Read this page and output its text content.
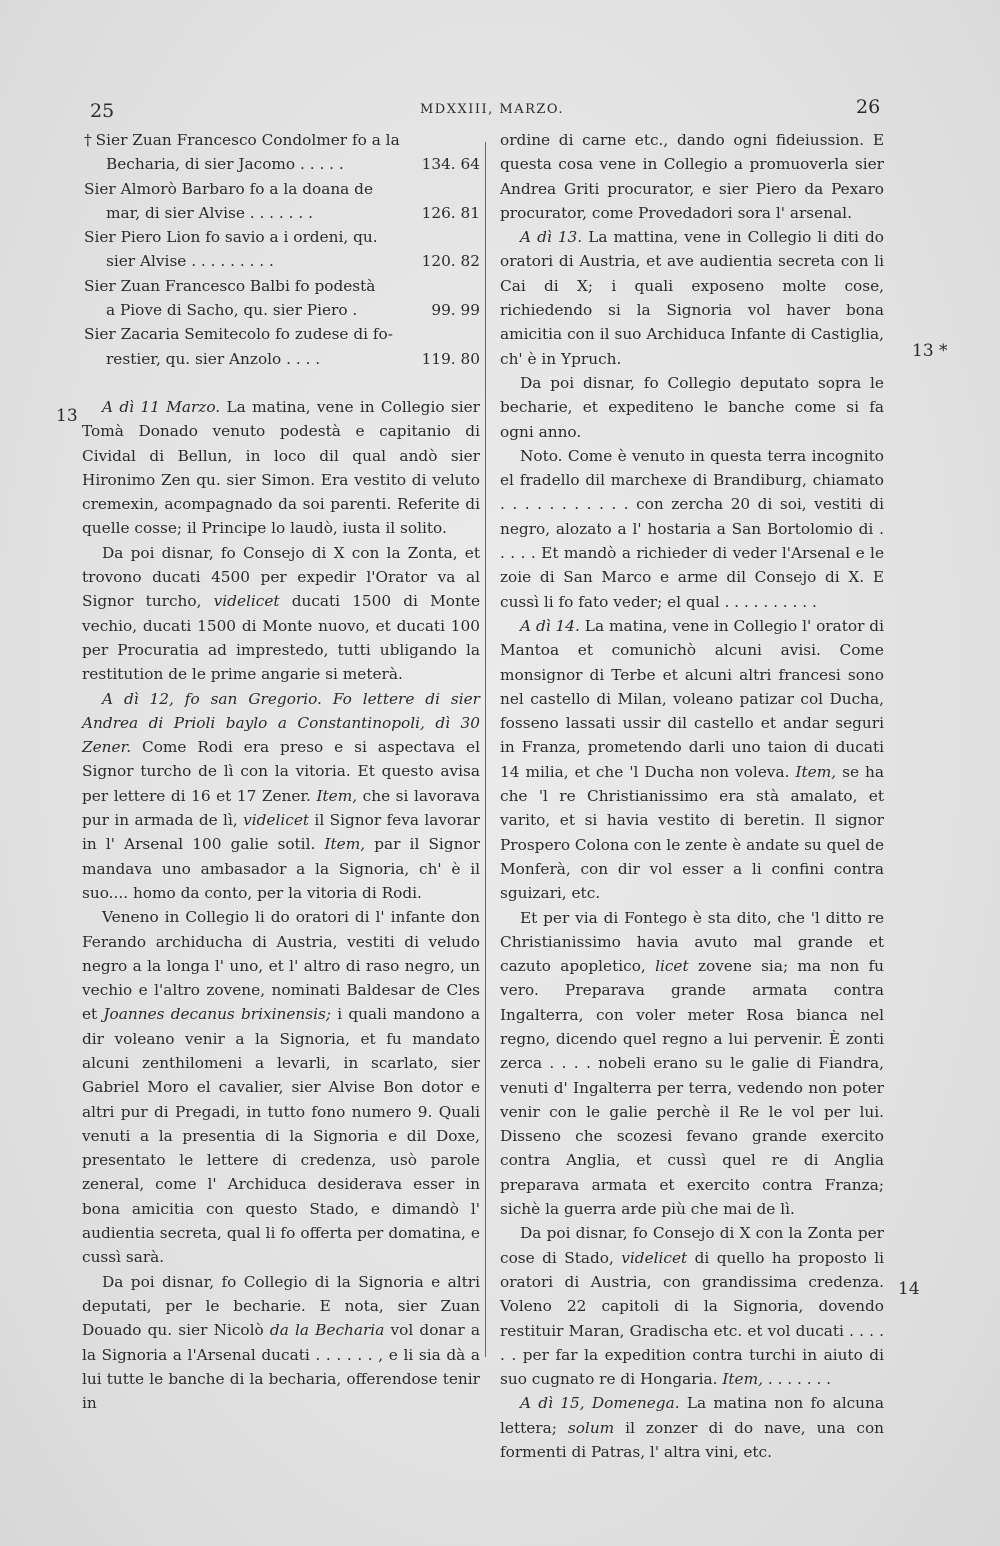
25	MDXXIII, MARZO.	26
13
13 *
14
† Sier Zuan Francesco Condolmer fo a la
Becharia, di sier Jacomo . . . . .	134. 64
Sier Almorò Barbaro fo a la doana de
mar, di sier Alvise . . . . . . .	126. 81
Sier Piero Lion fo savio a i ordeni, qu.
sier Alvise . . . . . . . . .	120. 82
Sier Zuan Francesco Balbi fo podestà
a Piove di Sacho, qu. sier Piero .	99. 99
Sier Zacaria Semitecolo fo zudese di fo-
restier, qu. sier Anzolo . . . .	119. 80

A dì 11 Marzo. La matina, vene in Collegio sier Tomà Donado venuto podestà e capitanio di Cividal di Bellun, in loco dil qual andò sier Hironimo Zen qu. sier Simon. Era vestito di veluto cremexin, acompagnado da soi parenti. Referite di quelle cosse; il Principe lo laudò, iusta il solito.

Da poi disnar, fo Consejo di X con la Zonta, et trovono ducati 4500 per expedir l'Orator va al Signor turcho, videlicet ducati 1500 di Monte vechio, ducati 1500 di Monte nuovo, et ducati 100 per Procuratia ad imprestedo, tutti ubligando la restitution de le prime angarie si meterà.

A dì 12, fo san Gregorio. Fo lettere di sier Andrea di Prioli baylo a Constantinopoli, dì 30 Zener. Come Rodi era preso e si aspectava el Signor turcho de lì con la vitoria. Et questo avisa per lettere di 16 et 17 Zener. Item, che si lavorava pur in armada de lì, videlicet il Signor feva lavorar in l' Arsenal 100 galie sotil. Item, par il Signor mandava uno ambasador a la Signoria, ch' è il suo.... homo da conto, per la vitoria di Rodi.

Veneno in Collegio li do oratori di l' infante don Ferando archiducha di Austria, vestiti di veludo negro a la longa l' uno, et l' altro di raso negro, un vechio e l'altro zovene, nominati Baldesar de Cles et Joannes decanus brixinensis; i quali mandono a dir voleano venir a la Signoria, et fu mandato alcuni zenthilomeni a levarli, in scarlato, sier Gabriel Moro el cavalier, sier Alvise Bon dotor e altri pur di Pregadi, in tutto fono numero 9. Quali venuti a la presentia di la Signoria e dil Doxe, presentato le lettere di credenza, usò parole zeneral, come l' Archiduca desiderava esser in bona amicitia con questo Stado, e dimandò l' audientia secreta, qual li fo offerta per domatina, e cussì sarà.

Da poi disnar, fo Collegio di la Signoria e altri deputati, per le becharie. E nota, sier Zuan Douado qu. sier Nicolò da la Becharia vol donar a la Signoria a l'Arsenal ducati . . . . . . , e li sia dà a lui tutte le banche di la becharia, offerendose tenir in

ordine di carne etc., dando ogni fideiussion. E questa cosa vene in Collegio a promuoverla sier Andrea Griti procurator, e sier Piero da Pexaro procurator, come Provedadori sora l' arsenal.

A dì 13. La mattina, vene in Collegio li diti do oratori di Austria, et ave audientia secreta con li Cai di X; i quali exposeno molte cose, richiedendo si la Signoria vol haver bona amicitia con il suo Archiduca Infante di Castiglia, ch' è in Ypruch.

Da poi disnar, fo Collegio deputato sopra le becharie, et expediteno le banche come si fa ogni anno.

Noto. Come è venuto in questa terra incognito el fradello dil marchexe di Brandiburg, chiamato . . . . . . . . . . . con zercha 20 di soi, vestiti di negro, alozato a l' hostaria a San Bortolomio di . . . . . Et mandò a richieder di veder l'Arsenal e le zoie di San Marco e arme dil Consejo di X. E cussì li fo fato veder; el qual . . . . . . . . . .

A dì 14. La matina, vene in Collegio l' orator di Mantoa et comunichò alcuni avisi. Come monsignor di Terbe et alcuni altri francesi sono nel castello di Milan, voleano patizar col Ducha, fosseno lassati ussir dil castello et andar seguri in Franza, prometendo darli uno taion di ducati 14 milia, et che 'l Ducha non voleva. Item, se ha che 'l re Christianissimo era stà amalato, et varito, et si havia vestito di beretin. Il signor Prospero Colona con le zente è andate su quel de Monferà, con dir vol esser a li confini contra sguizari, etc.

Et per via di Fontego è sta dito, che 'l ditto re Christianissimo havia avuto mal grande et cazuto apopletico, licet zovene sia; ma non fu vero. Preparava grande armata contra Ingalterra, con voler meter Rosa bianca nel regno, dicendo quel regno a lui pervenir. È zonti zerca . . . . nobeli erano su le galie di Fiandra, venuti d' Ingalterra per terra, vedendo non poter venir con le galie perchè il Re le vol per lui. Disseno che scozesi fevano grande exercito contra Anglia, et cussì quel re di Anglia preparava armata et exercito contra Franza; sichè la guerra arde più che mai de lì.

Da poi disnar, fo Consejo di X con la Zonta per cose di Stado, videlicet di quello ha proposto li oratori di Austria, con grandissima credenza. Voleno 22 capitoli di la Signoria, dovendo restituir Maran, Gradischa etc. et vol ducati . . . . . . per far la expedition contra turchi in aiuto di suo cugnato re di Hongaria. Item, . . . . . . .

A dì 15, Domenega. La matina non fo alcuna lettera; solum il zonzer di do nave, una con formenti di Patras, l' altra vini, etc.
